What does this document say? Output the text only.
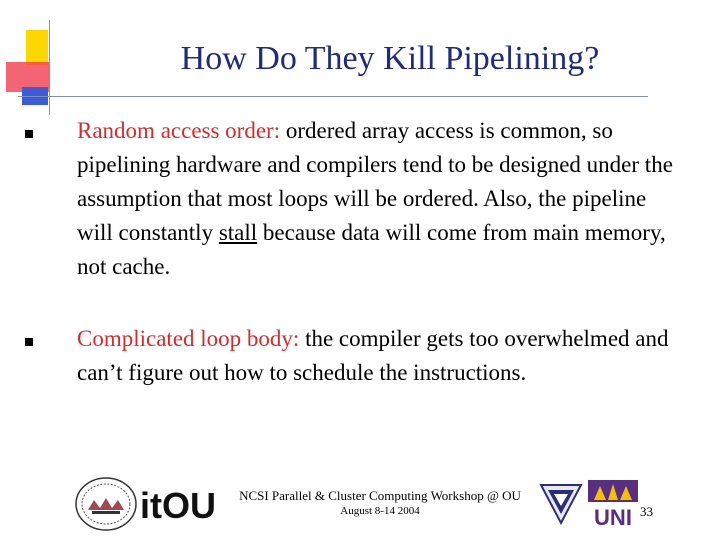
How Do They Kill Pipelining?
Random access order: ordered array access is common, so pipelining hardware and compilers tend to be designed under the assumption that most loops will be ordered. Also, the pipeline will constantly stall because data will come from main memory, not cache.
Complicated loop body: the compiler gets too overwhelmed and can’t figure out how to schedule the instructions.
itOU	NCSI Parallel & Cluster Computing Workshop @ OU
August 8-14 2004	UNI 33
